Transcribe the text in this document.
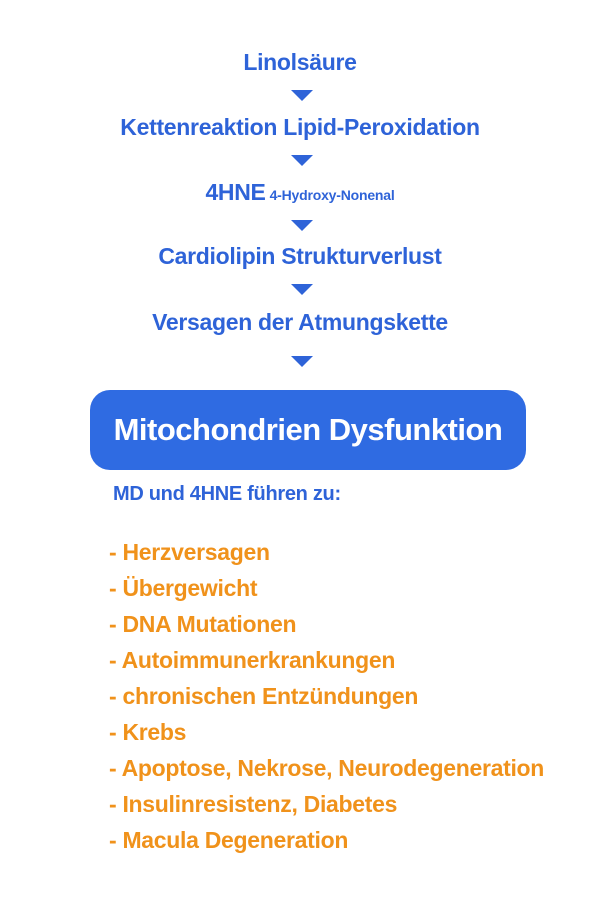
Linolsäure
Kettenreaktion Lipid-Peroxidation
4HNE 4-Hydroxy-Nonenal
Cardiolipin Strukturverlust
Versagen der Atmungskette
Mitochondrien Dysfunktion
MD und 4HNE führen zu:
- Herzversagen
- Übergewicht
- DNA Mutationen
- Autoimmunerkrankungen
- chronischen Entzündungen
- Krebs
- Apoptose, Nekrose, Neurodegeneration
- Insulinresistenz, Diabetes
- Macula Degeneration
